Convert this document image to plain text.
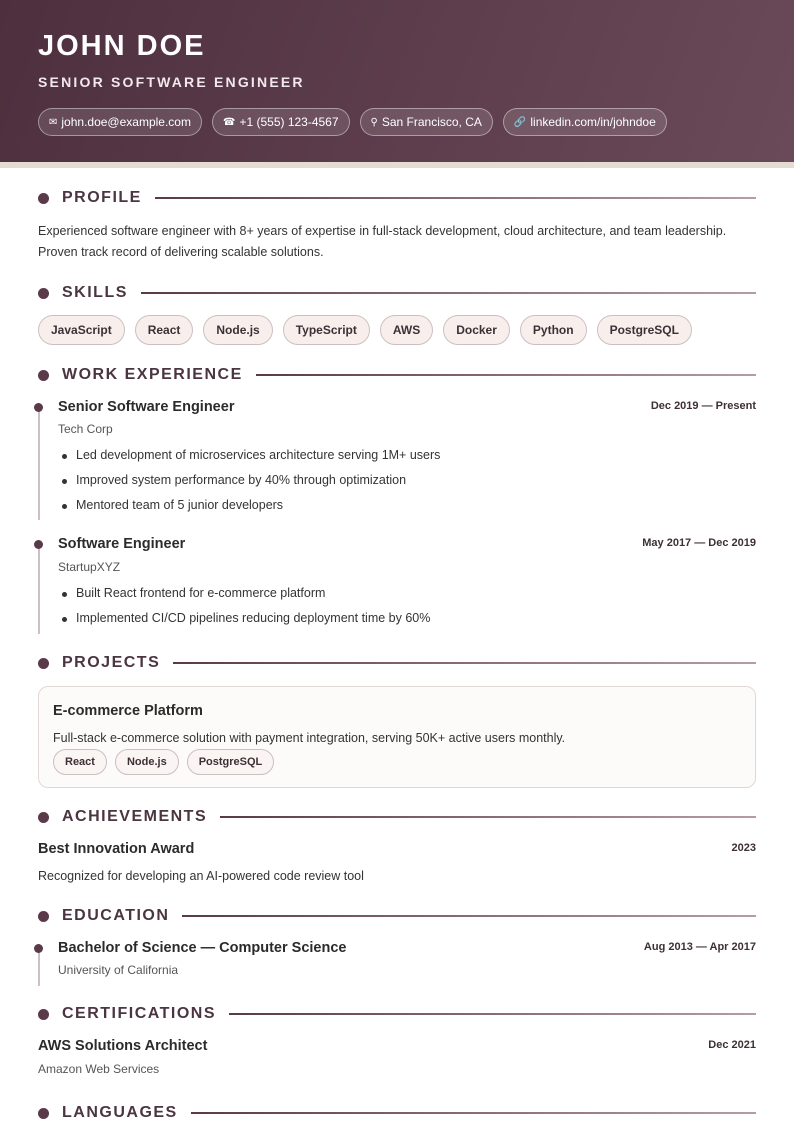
JOHN DOE
SENIOR SOFTWARE ENGINEER
✉ john.doe@example.com	☎ +1 (555) 123-4567	⚲ San Francisco, CA	🔗 linkedin.com/in/johndoe
PROFILE
Experienced software engineer with 8+ years of expertise in full-stack development, cloud architecture, and team leadership.
Proven track record of delivering scalable solutions.
SKILLS
JavaScript	React	Node.js	TypeScript	AWS	Docker	Python	PostgreSQL
WORK EXPERIENCE
Senior Software Engineer	Dec 2019 — Present
Tech Corp
Led development of microservices architecture serving 1M+ users
Improved system performance by 40% through optimization
Mentored team of 5 junior developers
Software Engineer	May 2017 — Dec 2019
StartupXYZ
Built React frontend for e-commerce platform
Implemented CI/CD pipelines reducing deployment time by 60%
PROJECTS
E-commerce Platform
Full-stack e-commerce solution with payment integration, serving 50K+ active users monthly.
React	Node.js	PostgreSQL
ACHIEVEMENTS
Best Innovation Award	2023
Recognized for developing an AI-powered code review tool
EDUCATION
Bachelor of Science — Computer Science	Aug 2013 — Apr 2017
University of California
CERTIFICATIONS
AWS Solutions Architect	Dec 2021
Amazon Web Services
LANGUAGES
